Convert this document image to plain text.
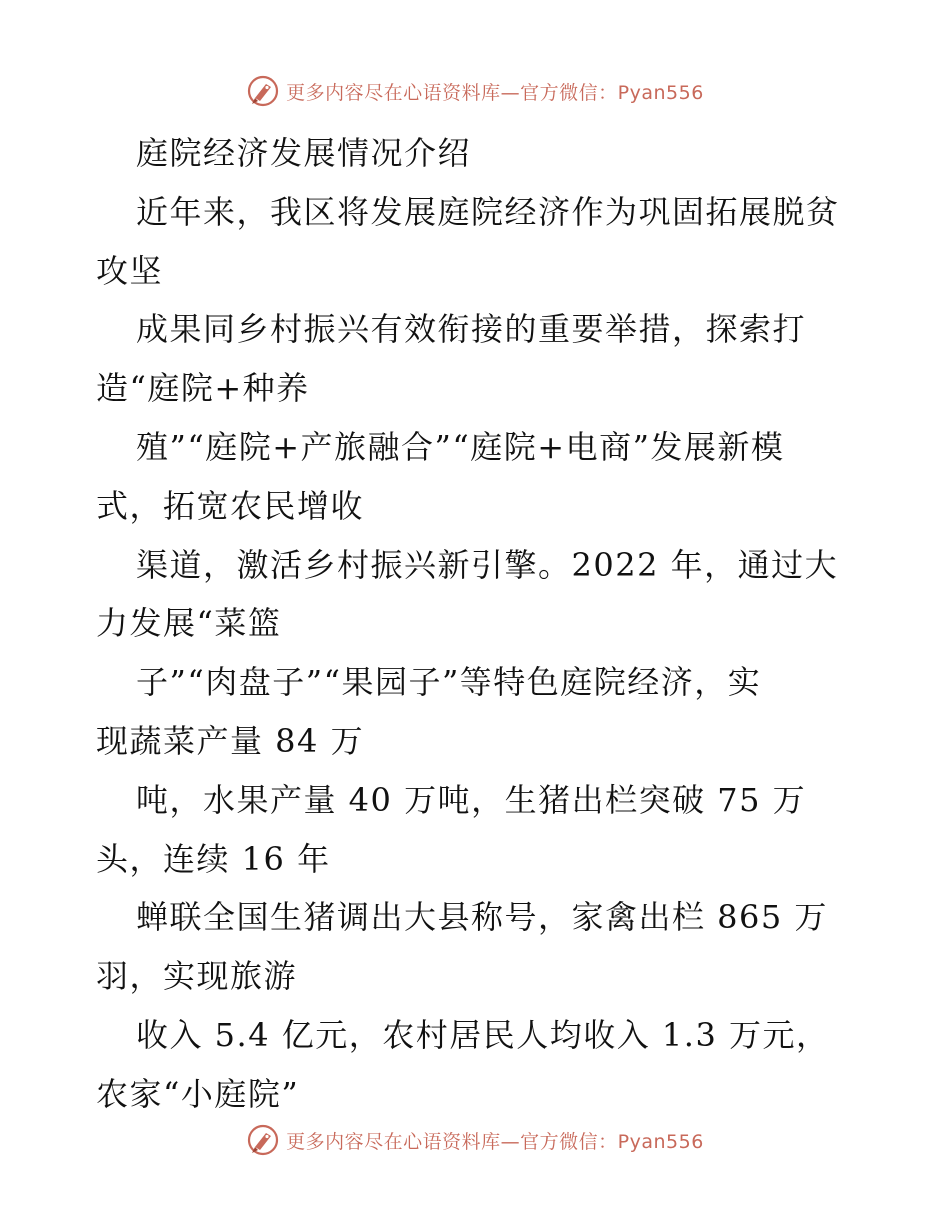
更多内容尽在心语资料库—官方微信：Pyan556
庭院经济发展情况介绍
近年来，我区将发展庭院经济作为巩固拓展脱贫
攻坚
成果同乡村振兴有效衔接的重要举措，探索打
造“庭院+种养
殖”“庭院+产旅融合”“庭院+电商”发展新模
式，拓宽农民增收
渠道，激活乡村振兴新引擎。2022 年，通过大
力发展“菜篮
子”“肉盘子”“果园子”等特色庭院经济，实
现蔬菜产量 84 万
吨，水果产量 40 万吨，生猪出栏突破 75 万
头，连续 16 年
蝉联全国生猪调出大县称号，家禽出栏 865 万
羽，实现旅游
收入 5.4 亿元，农村居民人均收入 1.3 万元，
农家“小庭院”
更多内容尽在心语资料库—官方微信：Pyan556
